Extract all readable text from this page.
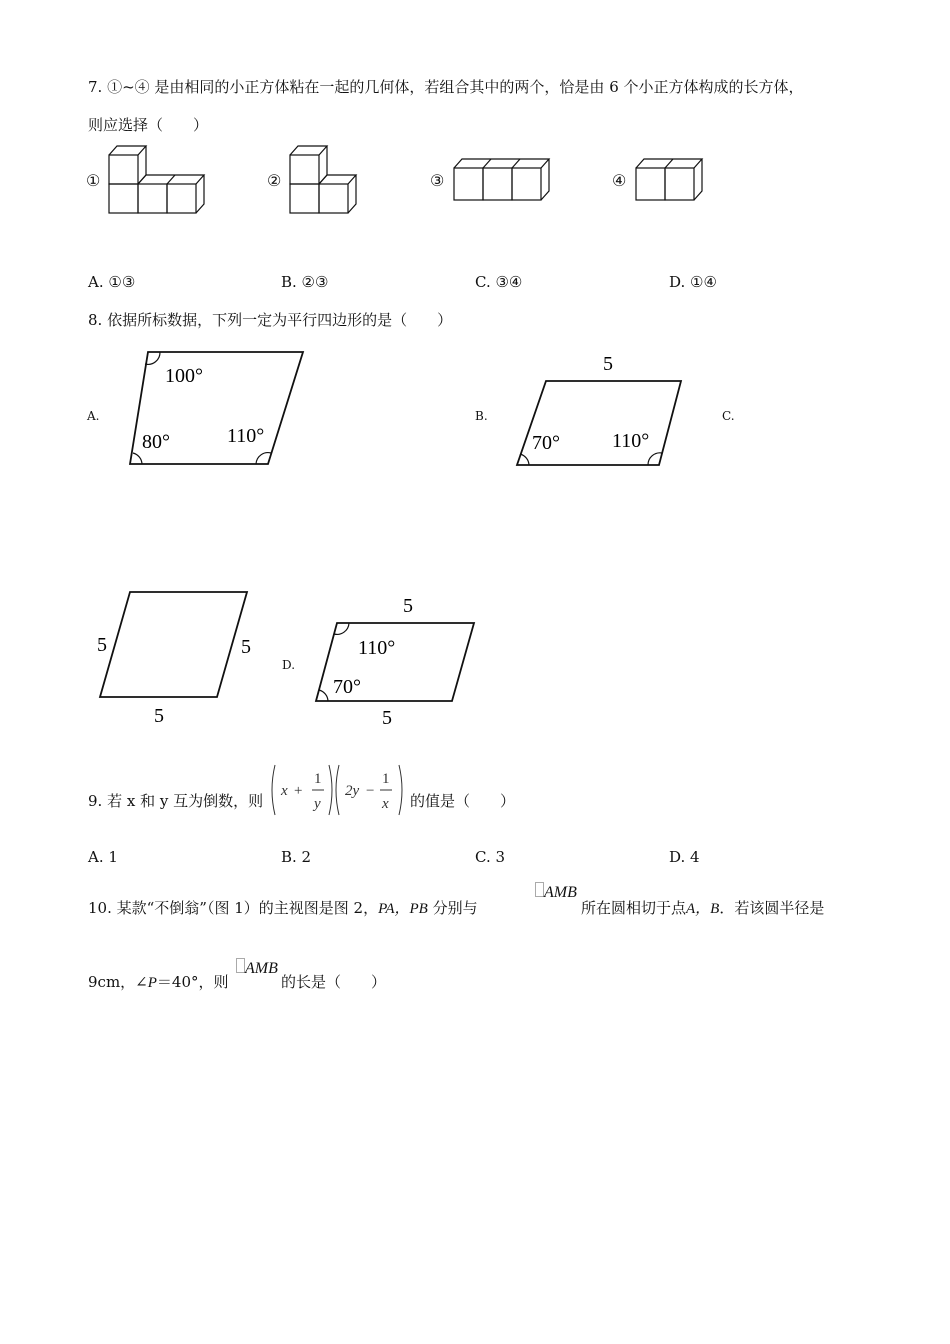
7. ①~④ 是由相同的小正方体粘在一起的几何体，若组合其中的两个，恰是由 6 个小正方体构成的长方体，
则应选择（　　）
①	②	③	④
A. ①③	B. ②③	C. ③④	D. ①④
8. 依据所标数据，下列一定为平行四边形的是（　　）
A.	B.	C.
D.
100°
80°	110°
5
70°	110°
5	5
5
5
110°
70°
5
9. 若 x 和 y 互为倒数，则
x +
1
y
2y −
1
x 的值是（　　）
A. 1	B. 2	C. 3	D. 4
10. 某款“不倒翁”（图 1）的主视图是图 2，PA，PB 分别与
AMB
所在圆相切于点A，B．若该圆半径是
9cm，∠P＝40°，则
AMB
的长是（　　）
